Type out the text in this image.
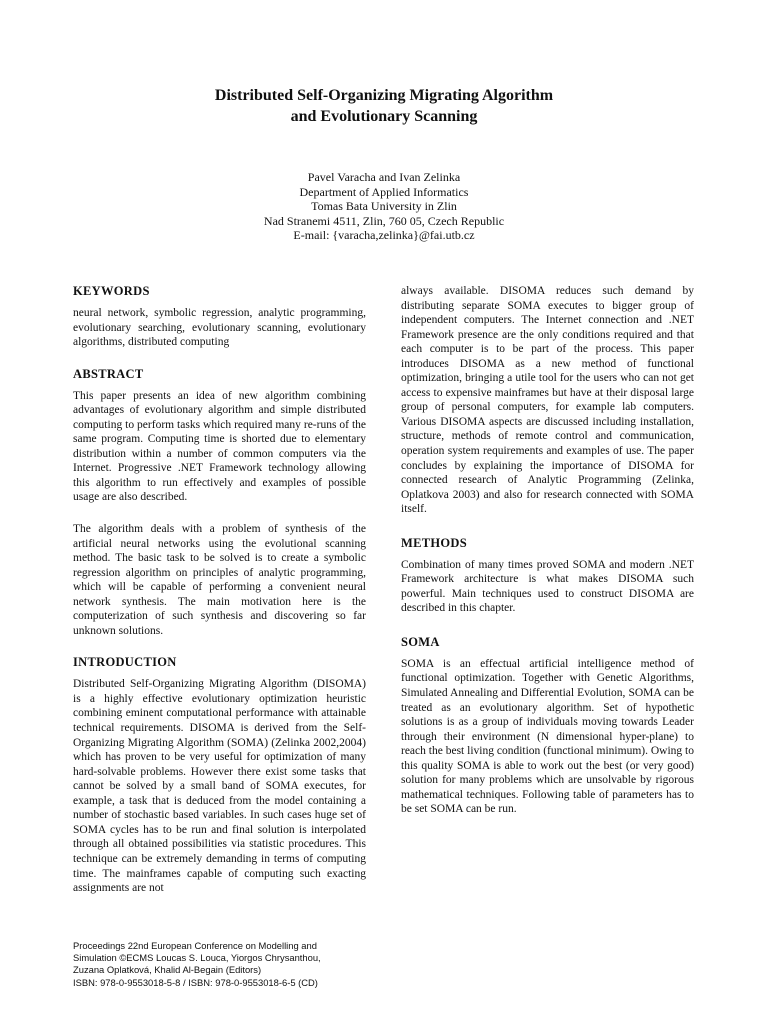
Distributed Self-Organizing Migrating Algorithm
and Evolutionary Scanning
Pavel Varacha and Ivan Zelinka
Department of Applied Informatics
Tomas Bata University in Zlin
Nad Stranemi 4511, Zlin, 760 05, Czech Republic
E-mail: {varacha,zelinka}@fai.utb.cz
KEYWORDS

neural network, symbolic regression, analytic programming, evolutionary searching, evolutionary scanning, evolutionary algorithms, distributed computing

ABSTRACT

This paper presents an idea of new algorithm combining advantages of evolutionary algorithm and simple distributed computing to perform tasks which required many re-runs of the same program. Computing time is shorted due to elementary distribution within a number of common computers via the Internet. Progressive .NET Framework technology allowing this algorithm to run effectively and examples of possible usage are also described.

The algorithm deals with a problem of synthesis of the artificial neural networks using the evolutional scanning method. The basic task to be solved is to create a symbolic regression algorithm on principles of analytic programming, which will be capable of performing a convenient neural network synthesis. The main motivation here is the computerization of such synthesis and discovering so far unknown solutions.

INTRODUCTION

Distributed Self-Organizing Migrating Algorithm (DISOMA) is a highly effective evolutionary optimization heuristic combining eminent computational performance with attainable technical requirements. DISOMA is derived from the Self-Organizing Migrating Algorithm (SOMA) (Zelinka 2002,2004) which has proven to be very useful for optimization of many hard-solvable problems. However there exist some tasks that cannot be solved by a small band of SOMA executes, for example, a task that is deduced from the model containing a number of stochastic based variables. In such cases huge set of SOMA cycles has to be run and final solution is interpolated through all obtained possibilities via statistic procedures. This technique can be extremely demanding in terms of computing time. The mainframes capable of computing such exacting assignments are not

always available. DISOMA reduces such demand by distributing separate SOMA executes to bigger group of independent computers. The Internet connection and .NET Framework presence are the only conditions required and that each computer is to be part of the process. This paper introduces DISOMA as a new method of functional optimization, bringing a utile tool for the users who can not get access to expensive mainframes but have at their disposal large group of personal computers, for example lab computers. Various DISOMA aspects are discussed including installation, structure, methods of remote control and communication, operation system requirements and examples of use. The paper concludes by explaining the importance of DISOMA for connected research of Analytic Programming (Zelinka, Oplatkova 2003) and also for research connected with SOMA itself.

METHODS

Combination of many times proved SOMA and modern .NET Framework architecture is what makes DISOMA such powerful. Main techniques used to construct DISOMA are described in this chapter.

SOMA

SOMA is an effectual artificial intelligence method of functional optimization. Together with Genetic Algorithms, Simulated Annealing and Differential Evolution, SOMA can be treated as an evolutionary algorithm. Set of hypothetic solutions is as a group of individuals moving towards Leader through their environment (N dimensional hyper-plane) to reach the best living condition (functional minimum). Owing to this quality SOMA is able to work out the best (or very good) solution for many problems which are unsolvable by rigorous mathematical techniques. Following table of parameters has to be set SOMA can be run.

Proceedings 22nd European Conference on Modelling and
Simulation ©ECMS Loucas S. Louca, Yiorgos Chrysanthou,
Zuzana Oplatková, Khalid Al-Begain (Editors)
ISBN: 978-0-9553018-5-8 / ISBN: 978-0-9553018-6-5 (CD)
